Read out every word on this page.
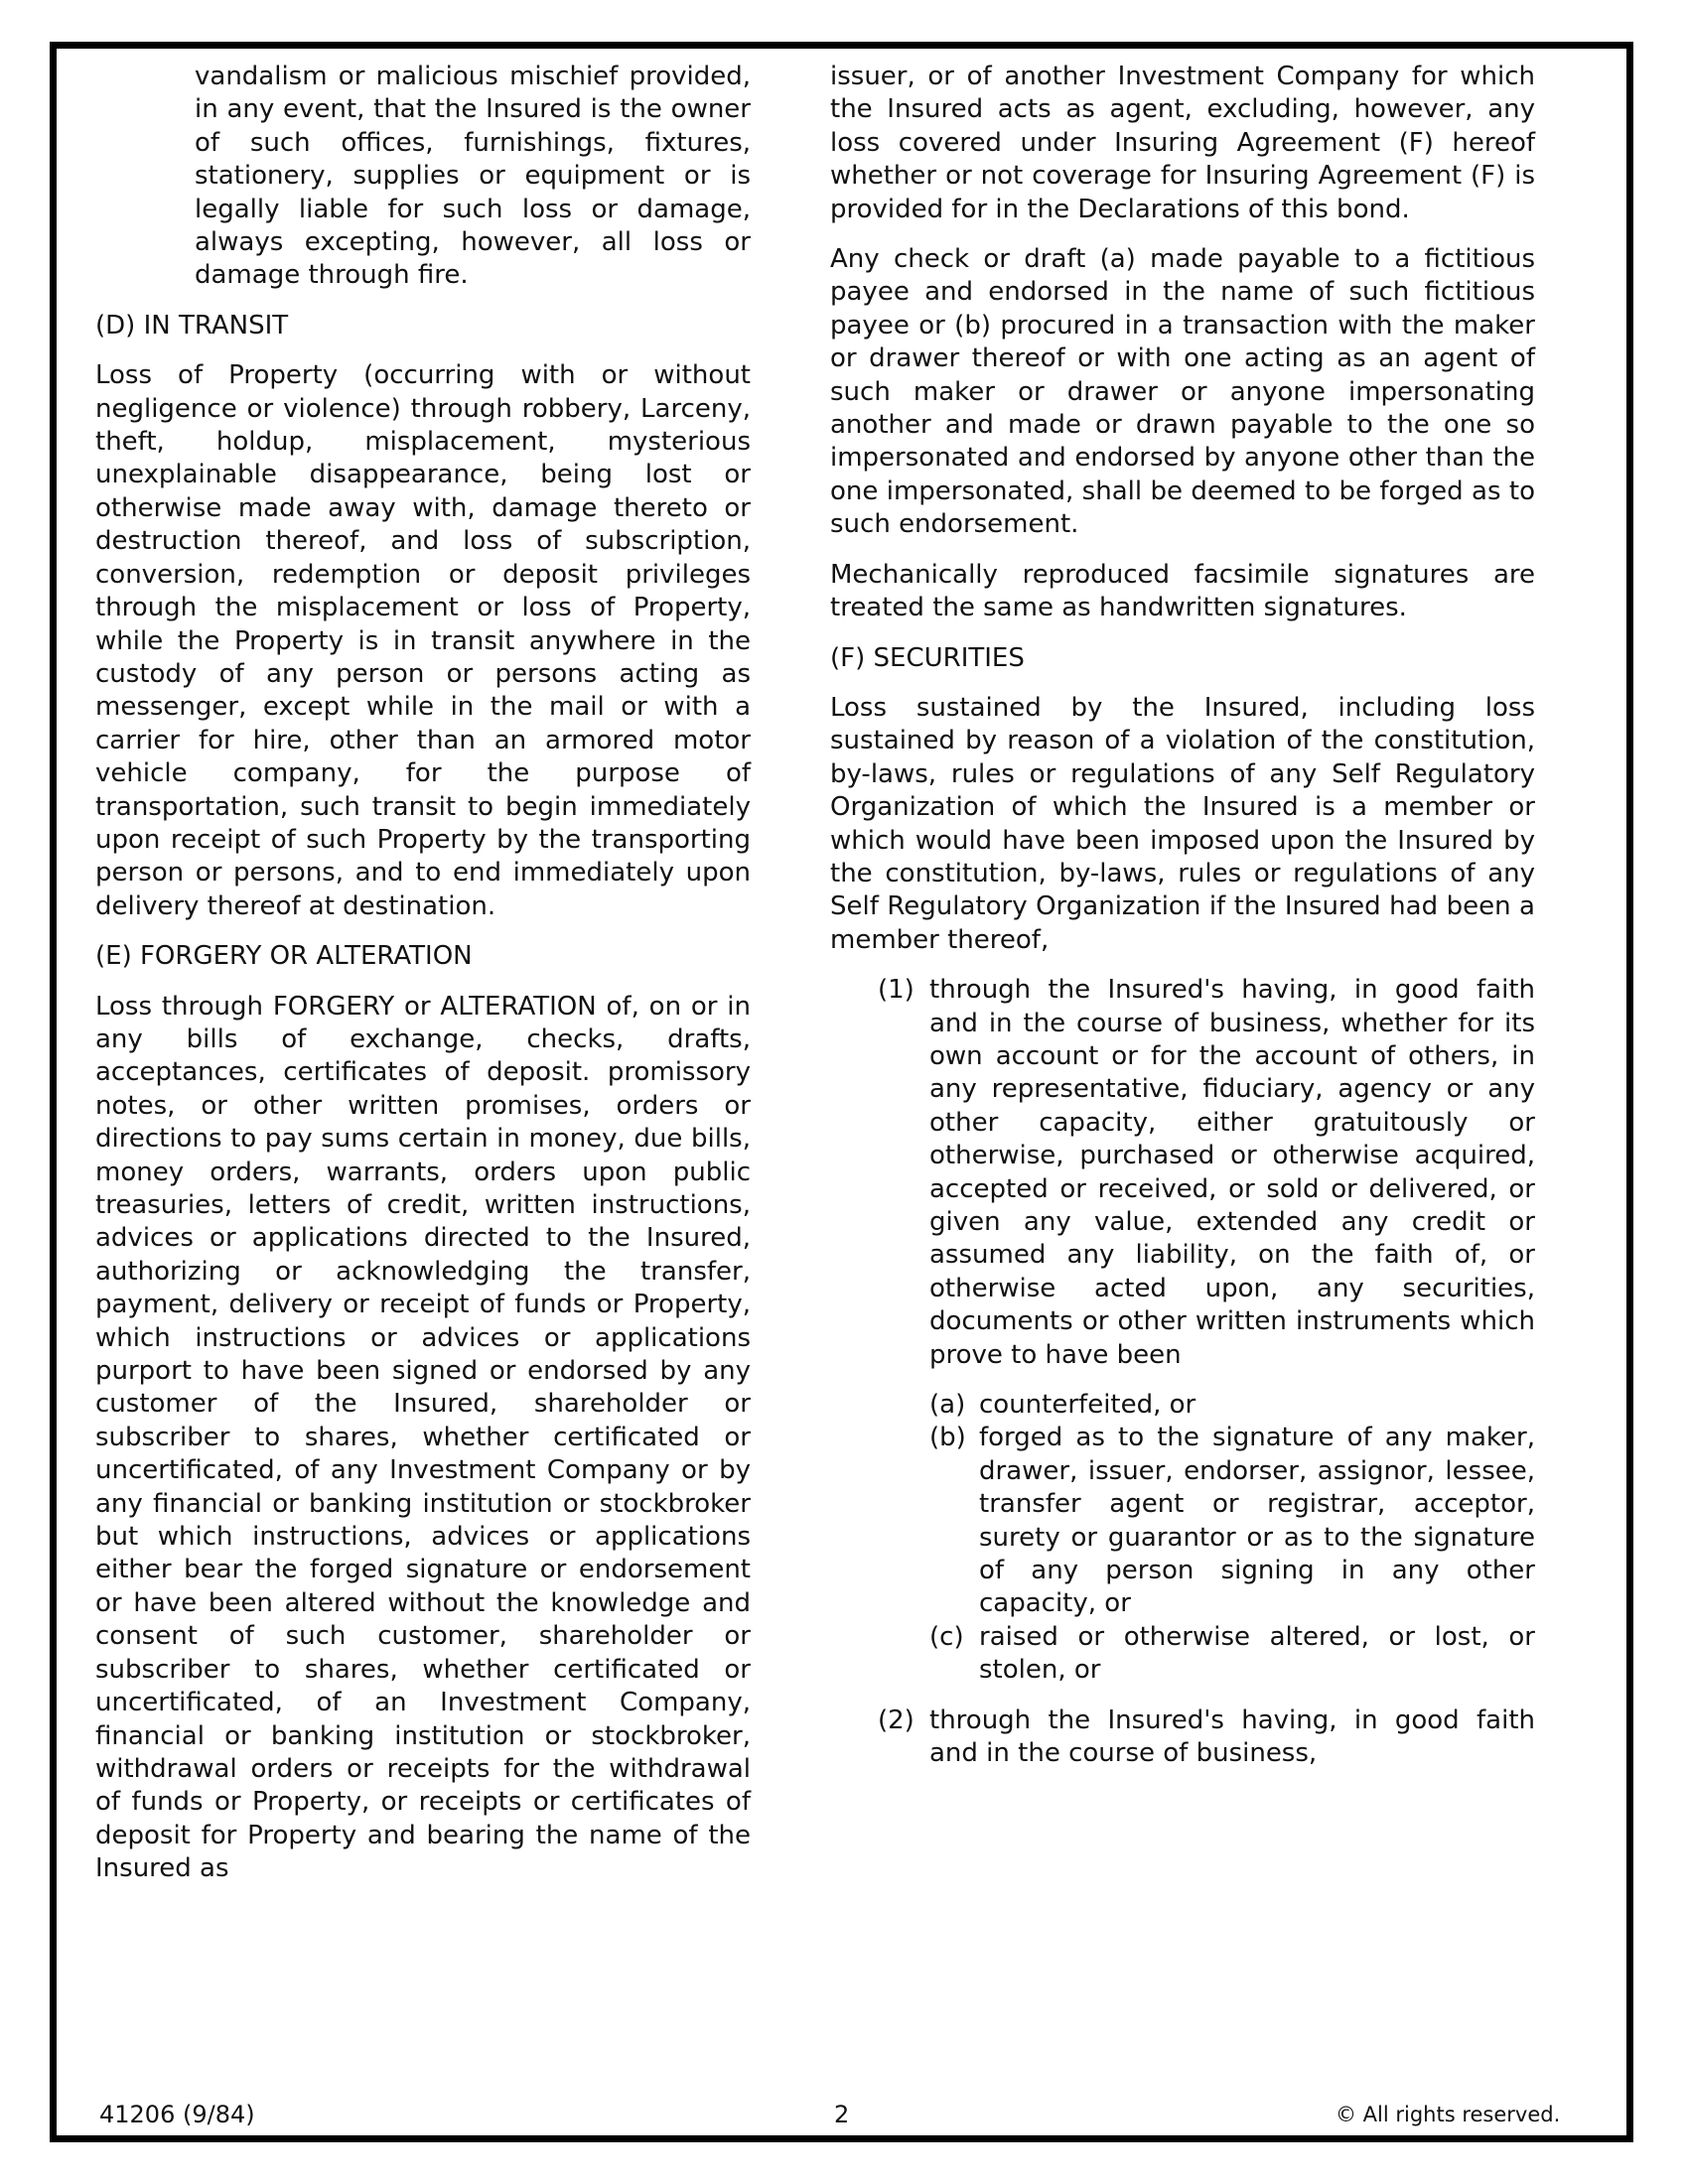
vandalism or malicious mischief provided, in any event, that the Insured is the owner of such offices, furnishings, fixtures, stationery, supplies or equipment or is legally liable for such loss or damage, always excepting, however, all loss or damage through fire.

(D) IN TRANSIT

Loss of Property (occurring with or without negligence or violence) through robbery, Larceny, theft, holdup, misplacement, mysterious unexplainable disappearance, being lost or otherwise made away with, damage thereto or destruction thereof, and loss of subscription, conversion, redemption or deposit privileges through the misplacement or loss of Property, while the Property is in transit anywhere in the custody of any person or persons acting as messenger, except while in the mail or with a carrier for hire, other than an armored motor vehicle company, for the purpose of transportation, such transit to begin immediately upon receipt of such Property by the transporting person or persons, and to end immediately upon delivery thereof at destination.

(E) FORGERY OR ALTERATION

Loss through FORGERY or ALTERATION of, on or in any bills of exchange, checks, drafts, acceptances, certificates of deposit. promissory notes, or other written promises, orders or directions to pay sums certain in money, due bills, money orders, warrants, orders upon public treasuries, letters of credit, written instructions, advices or applications directed to the Insured, authorizing or acknowledging the transfer, payment, delivery or receipt of funds or Property, which instructions or advices or applications purport to have been signed or endorsed by any customer of the Insured, shareholder or subscriber to shares, whether certificated or uncertificated, of any Investment Company or by any financial or banking institution or stockbroker but which instructions, advices or applications either bear the forged signature or endorsement or have been altered without the knowledge and consent of such customer, shareholder or subscriber to shares, whether certificated or uncertificated, of an Investment Company, financial or banking institution or stockbroker, withdrawal orders or receipts for the withdrawal of funds or Property, or receipts or certificates of deposit for Property and bearing the name of the Insured as

issuer, or of another Investment Company for which the Insured acts as agent, excluding, however, any loss covered under Insuring Agreement (F) hereof whether or not coverage for Insuring Agreement (F) is provided for in the Declarations of this bond.

Any check or draft (a) made payable to a fictitious payee and endorsed in the name of such fictitious payee or (b) procured in a transaction with the maker or drawer thereof or with one acting as an agent of such maker or drawer or anyone impersonating another and made or drawn payable to the one so impersonated and endorsed by anyone other than the one impersonated, shall be deemed to be forged as to such endorsement.

Mechanically reproduced facsimile signatures are treated the same as handwritten signatures.

(F) SECURITIES

Loss sustained by the Insured, including loss sustained by reason of a violation of the constitution, by-laws, rules or regulations of any Self Regulatory Organization of which the Insured is a member or which would have been imposed upon the Insured by the constitution, by-laws, rules or regulations of any Self Regulatory Organization if the Insured had been a member thereof,

(1) through the Insured's having, in good faith and in the course of business, whether for its own account or for the account of others, in any representative, fiduciary, agency or any other capacity, either gratuitously or otherwise, purchased or otherwise acquired, accepted or received, or sold or delivered, or given any value, extended any credit or assumed any liability, on the faith of, or otherwise acted upon, any securities, documents or other written instruments which prove to have been
(a) counterfeited, or
(b) forged as to the signature of any maker, drawer, issuer, endorser, assignor, lessee, transfer agent or registrar, acceptor, surety or guarantor or as to the signature of any person signing in any other capacity, or
(c) raised or otherwise altered, or lost, or stolen, or
(2) through the Insured's having, in good faith and in the course of business,
41206 (9/84)	2	© All rights reserved.
